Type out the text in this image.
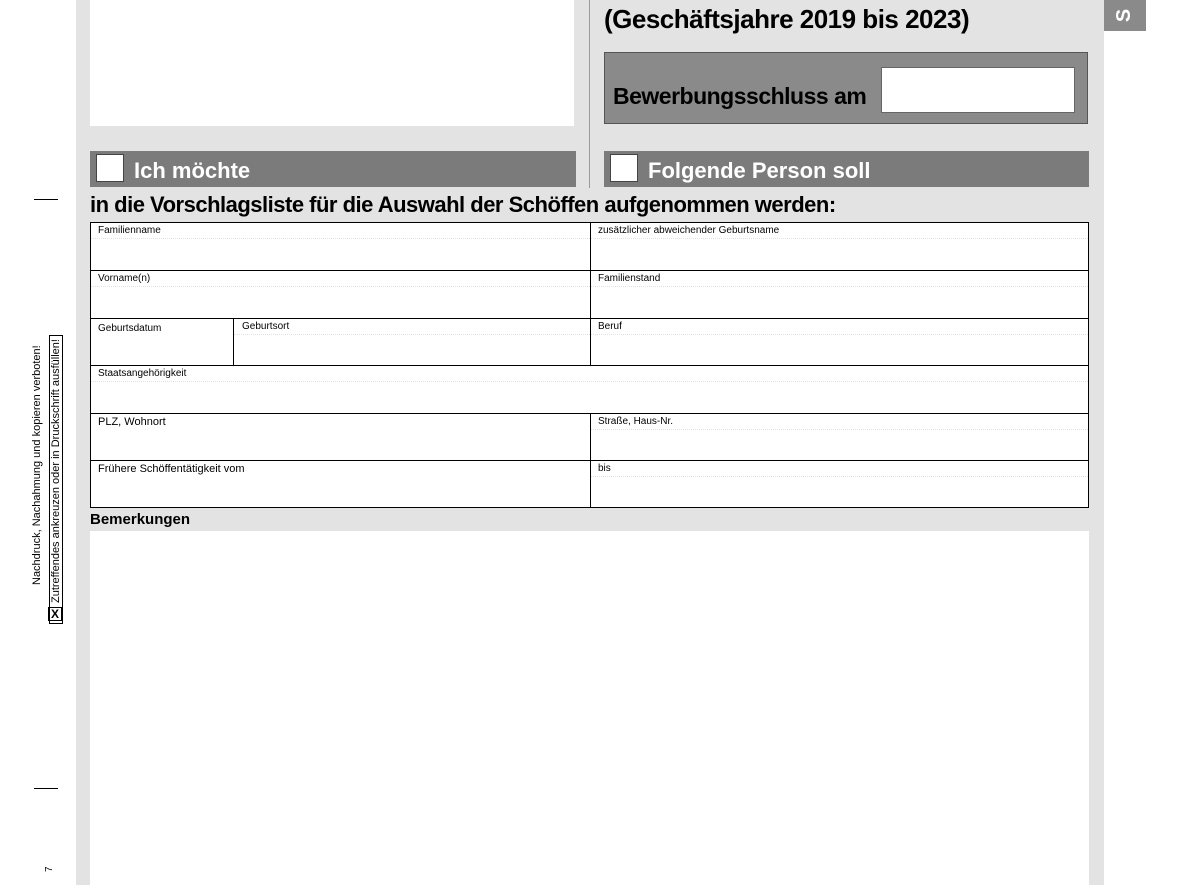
Nachdruck, Nachahmung und kopieren verboten!
XZutreffendes ankreuzen oder in Druckschrift ausfüllen!
7
(Geschäftsjahre 2019 bis 2023)
Bewerbungsschluss am
S
Ich möchte	Folgende Person soll
in die Vorschlagsliste für die Auswahl der Schöffen aufgenommen werden:
Familienname	zusätzlicher abweichender Geburtsname
Vorname(n)	Familienstand
Geburtsdatum	Geburtsort	Beruf
Staatsangehörigkeit
PLZ, Wohnort	Straße, Haus-Nr.
Frühere Schöffentätigkeit vom	bis
Bemerkungen
